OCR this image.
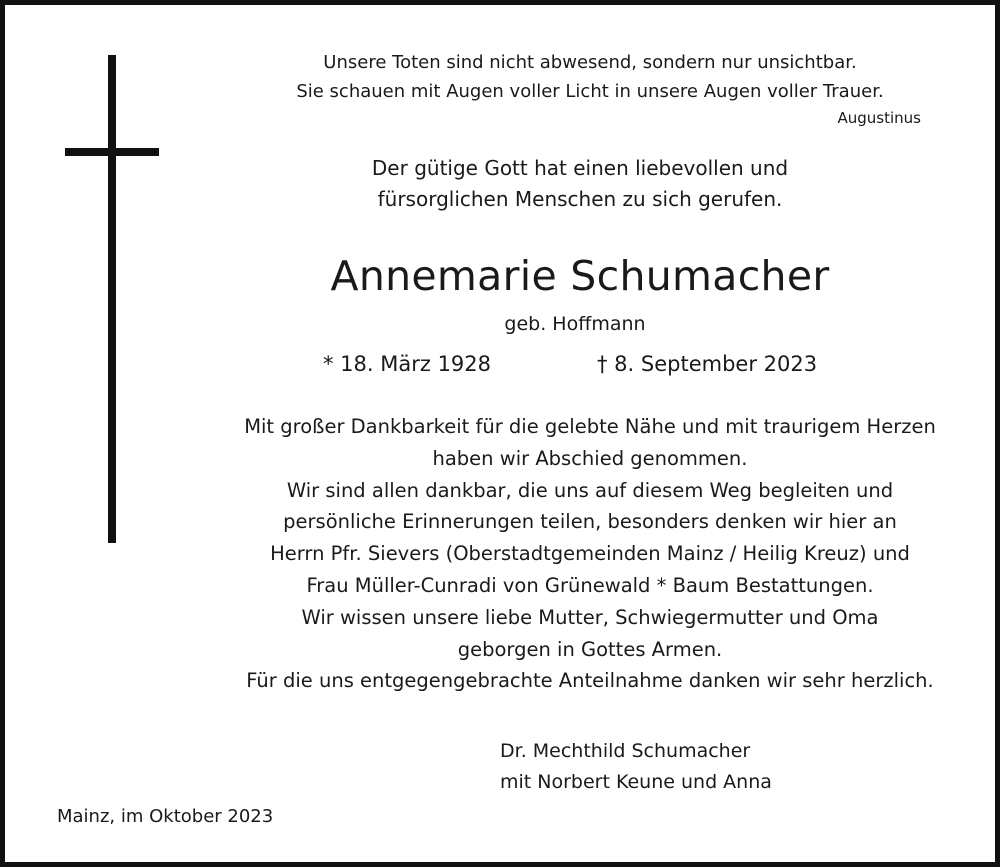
Unsere Toten sind nicht abwesend, sondern nur unsichtbar.
Sie schauen mit Augen voller Licht in unsere Augen voller Trauer.
Augustinus
Der gütige Gott hat einen liebevollen und
fürsorglichen Menschen zu sich gerufen.
Annemarie Schumacher
geb. Hoffmann
* 18. März 1928	† 8. September 2023
Mit großer Dankbarkeit für die gelebte Nähe und mit traurigem Herzen
haben wir Abschied genommen.
Wir sind allen dankbar, die uns auf diesem Weg begleiten und
persönliche Erinnerungen teilen, besonders denken wir hier an
Herrn Pfr. Sievers (Oberstadtgemeinden Mainz / Heilig Kreuz) und
Frau Müller-Cunradi von Grünewald * Baum Bestattungen.
Wir wissen unsere liebe Mutter, Schwiegermutter und Oma
geborgen in Gottes Armen.
Für die uns entgegengebrachte Anteilnahme danken wir sehr herzlich.
Dr. Mechthild Schumacher
mit Norbert Keune und Anna
Mainz, im Oktober 2023
